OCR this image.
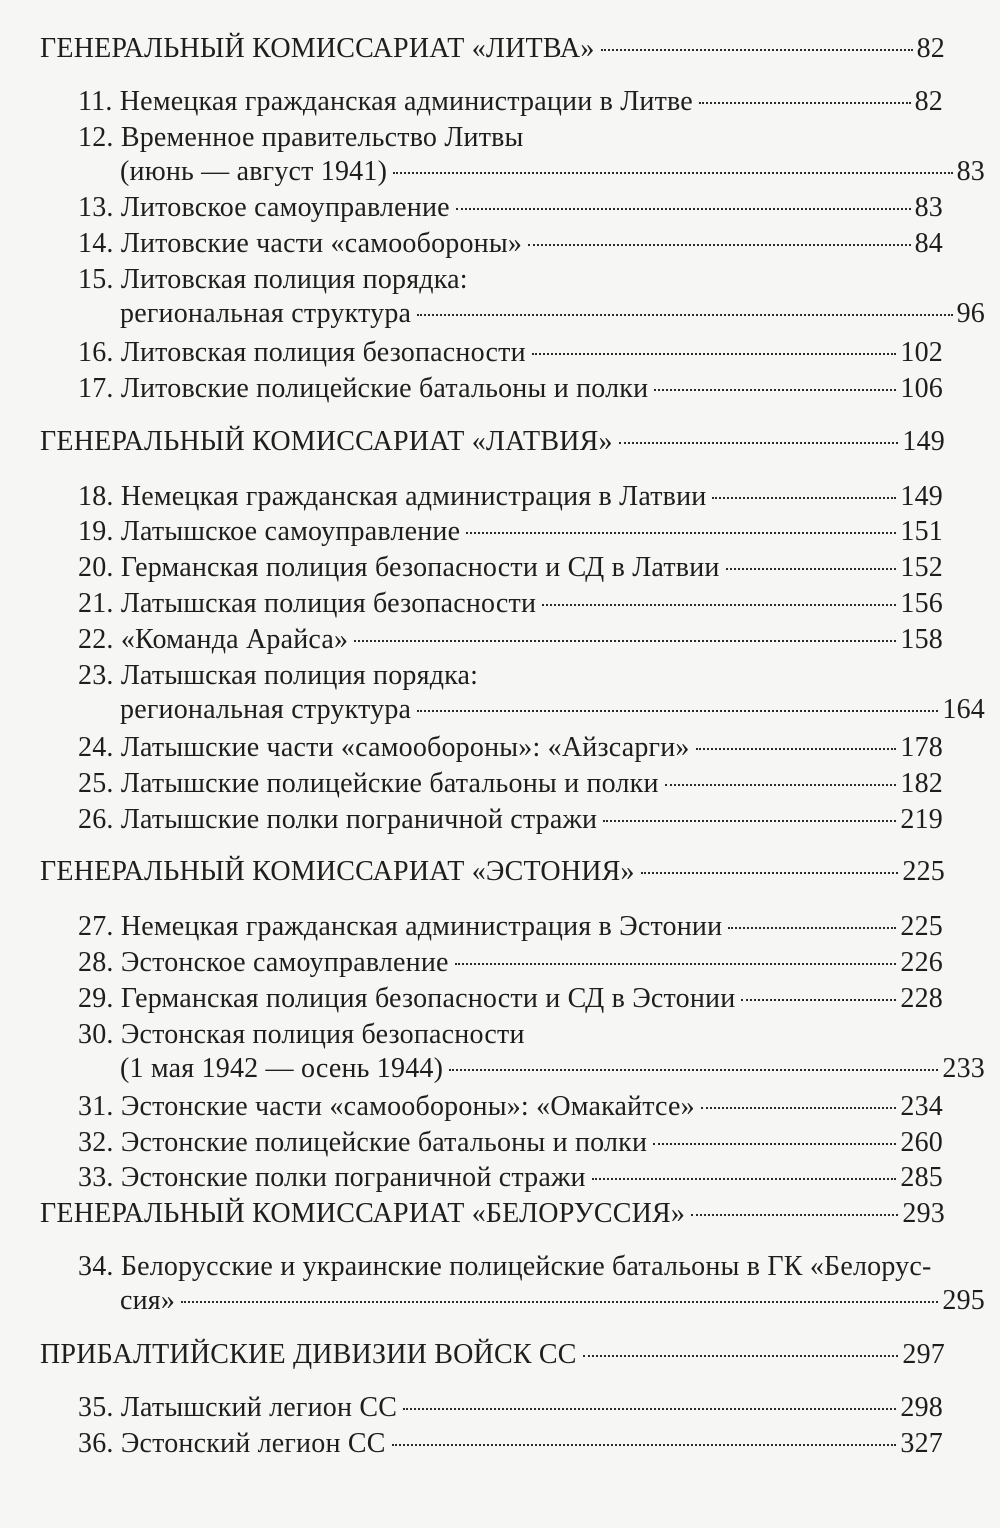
ГЕНЕРАЛЬНЫЙ КОМИССАРИАТ «ЛИТВА»	82
11. Немецкая гражданская администрации в Литве	82
12. Временное правительство Литвы
(июнь — август 1941)	83
13. Литовское самоуправление	83
14. Литовские части «самообороны»	84
15. Литовская полиция порядка:
региональная структура	96
16. Литовская полиция безопасности	102
17. Литовские полицейские батальоны и полки	106
ГЕНЕРАЛЬНЫЙ КОМИССАРИАТ «ЛАТВИЯ»	149
18. Немецкая гражданская администрация в Латвии	149
19. Латышское самоуправление	151
20. Германская полиция безопасности и СД в Латвии	152
21. Латышская полиция безопасности	156
22. «Команда Арайса»	158
23. Латышская полиция порядка:
региональная структура	164
24. Латышские части «самообороны»: «Айзсарги»	178
25. Латышские полицейские батальоны и полки	182
26. Латышские полки пограничной стражи	219
ГЕНЕРАЛЬНЫЙ КОМИССАРИАТ «ЭСТОНИЯ»	225
27. Немецкая гражданская администрация в Эстонии	225
28. Эстонское самоуправление	226
29. Германская полиция безопасности и СД в Эстонии	228
30. Эстонская полиция безопасности
(1 мая 1942 — осень 1944)	233
31. Эстонские части «самообороны»: «Омакайтсе»	234
32. Эстонские полицейские батальоны и полки	260
33. Эстонские полки пограничной стражи	285
ГЕНЕРАЛЬНЫЙ КОМИССАРИАТ «БЕЛОРУССИЯ»	293
34. Белорусские и украинские полицейские батальоны в ГК «Белорус-
сия»	295
ПРИБАЛТИЙСКИЕ ДИВИЗИИ ВОЙСК СС	297
35. Латышский легион СС	298
36. Эстонский легион СС	327
